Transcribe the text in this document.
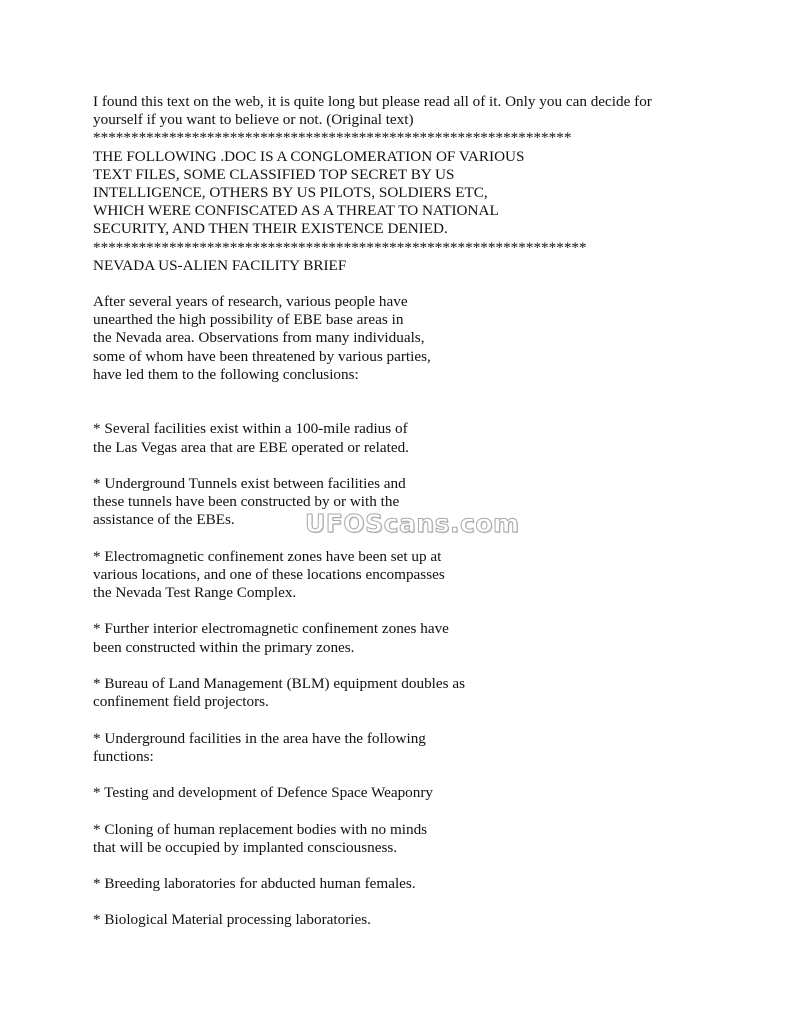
I found this text on the web, it is quite long but please read all of it. Only you can decide for
yourself if you want to believe or not. (Original text)
***************************************************************
THE FOLLOWING .DOC IS A CONGLOMERATION OF VARIOUS
TEXT FILES, SOME CLASSIFIED TOP SECRET BY US
INTELLIGENCE, OTHERS BY US PILOTS, SOLDIERS ETC,
WHICH WERE CONFISCATED AS A THREAT TO NATIONAL
SECURITY, AND THEN THEIR EXISTENCE DENIED.
*****************************************************************
NEVADA US-ALIEN FACILITY BRIEF
After several years of research, various people have
unearthed the high possibility of EBE base areas in
the Nevada area. Observations from many individuals,
some of whom have been threatened by various parties,
have led them to the following conclusions:
* Several facilities exist within a 100-mile radius of
the Las Vegas area that are EBE operated or related.
* Underground Tunnels exist between facilities and
these tunnels have been constructed by or with the
assistance of the EBEs.
* Electromagnetic confinement zones have been set up at
various locations, and one of these locations encompasses
the Nevada Test Range Complex.
* Further interior electromagnetic confinement zones have
been constructed within the primary zones.
* Bureau of Land Management (BLM) equipment doubles as
confinement field projectors.
* Underground facilities in the area have the following
functions:
* Testing and development of Defence Space Weaponry
* Cloning of human replacement bodies with no minds
that will be occupied by implanted consciousness.
* Breeding laboratories for abducted human females.
* Biological Material processing laboratories.
UFOScans.com
